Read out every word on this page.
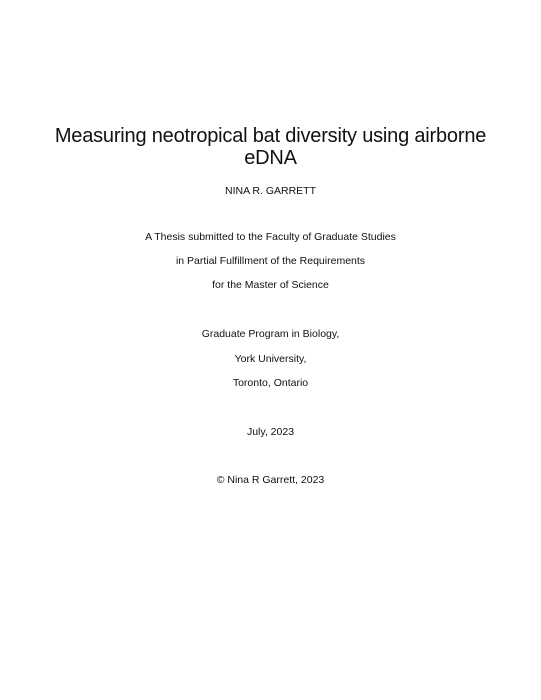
Measuring neotropical bat diversity using airborne
eDNA
NINA R. GARRETT
A Thesis submitted to the Faculty of Graduate Studies
in Partial Fulfillment of the Requirements
for the Master of Science
Graduate Program in Biology,
York University,
Toronto, Ontario
July, 2023
© Nina R Garrett, 2023
